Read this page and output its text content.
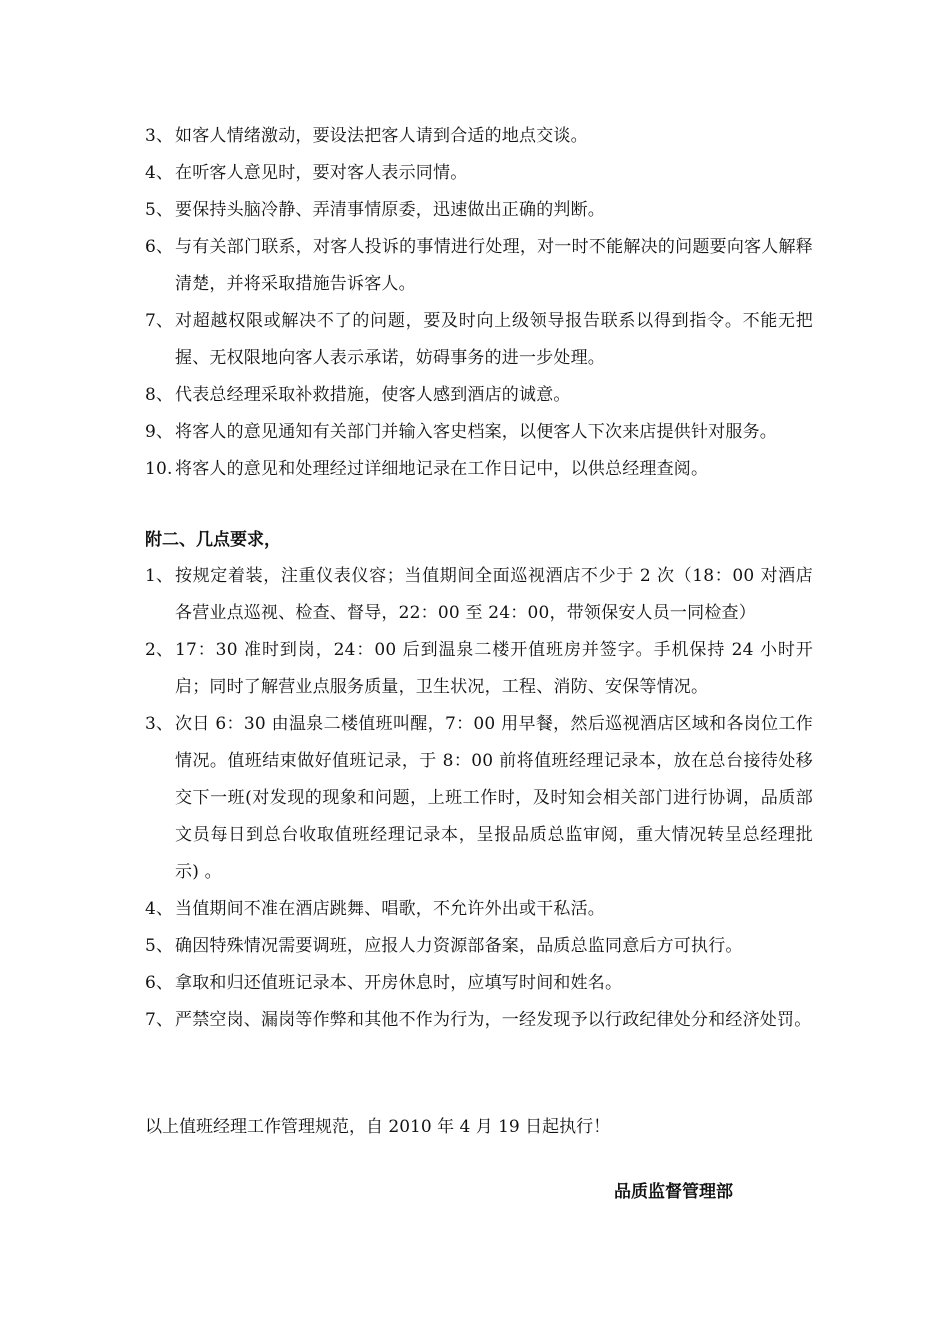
3、 如客人情绪激动，要设法把客人请到合适的地点交谈。
4、 在听客人意见时，要对客人表示同情。
5、 要保持头脑冷静、弄清事情原委，迅速做出正确的判断。
6、 与有关部门联系，对客人投诉的事情进行处理，对一时不能解决的问题要向客人解释清楚，并将采取措施告诉客人。
7、 对超越权限或解决不了的问题，要及时向上级领导报告联系以得到指令。不能无把握、无权限地向客人表示承诺，妨碍事务的进一步处理。
8、 代表总经理采取补救措施，使客人感到酒店的诚意。
9、 将客人的意见通知有关部门并输入客史档案，以便客人下次来店提供针对服务。
10. 将客人的意见和处理经过详细地记录在工作日记中，以供总经理查阅。
附二、几点要求，
1、 按规定着装，注重仪表仪容；当值期间全面巡视酒店不少于 2 次（18：00 对酒店各营业点巡视、检查、督导，22：00 至 24：00，带领保安人员一同检查）
2、 17：30 准时到岗，24：00 后到温泉二楼开值班房并签字。手机保持 24 小时开启；同时了解营业点服务质量，卫生状况，工程、消防、安保等情况。
3、 次日 6：30 由温泉二楼值班叫醒，7：00 用早餐，然后巡视酒店区域和各岗位工作情况。值班结束做好值班记录，于 8：00 前将值班经理记录本，放在总台接待处移交下一班(对发现的现象和问题，上班工作时，及时知会相关部门进行协调，品质部文员每日到总台收取值班经理记录本，呈报品质总监审阅，重大情况转呈总经理批示) 。
4、 当值期间不准在酒店跳舞、唱歌，不允许外出或干私活。
5、 确因特殊情况需要调班，应报人力资源部备案，品质总监同意后方可执行。
6、 拿取和归还值班记录本、开房休息时，应填写时间和姓名。
7、 严禁空岗、漏岗等作弊和其他不作为行为，一经发现予以行政纪律处分和经济处罚。
以上值班经理工作管理规范，自 2010 年 4 月 19 日起执行！
品质监督管理部
